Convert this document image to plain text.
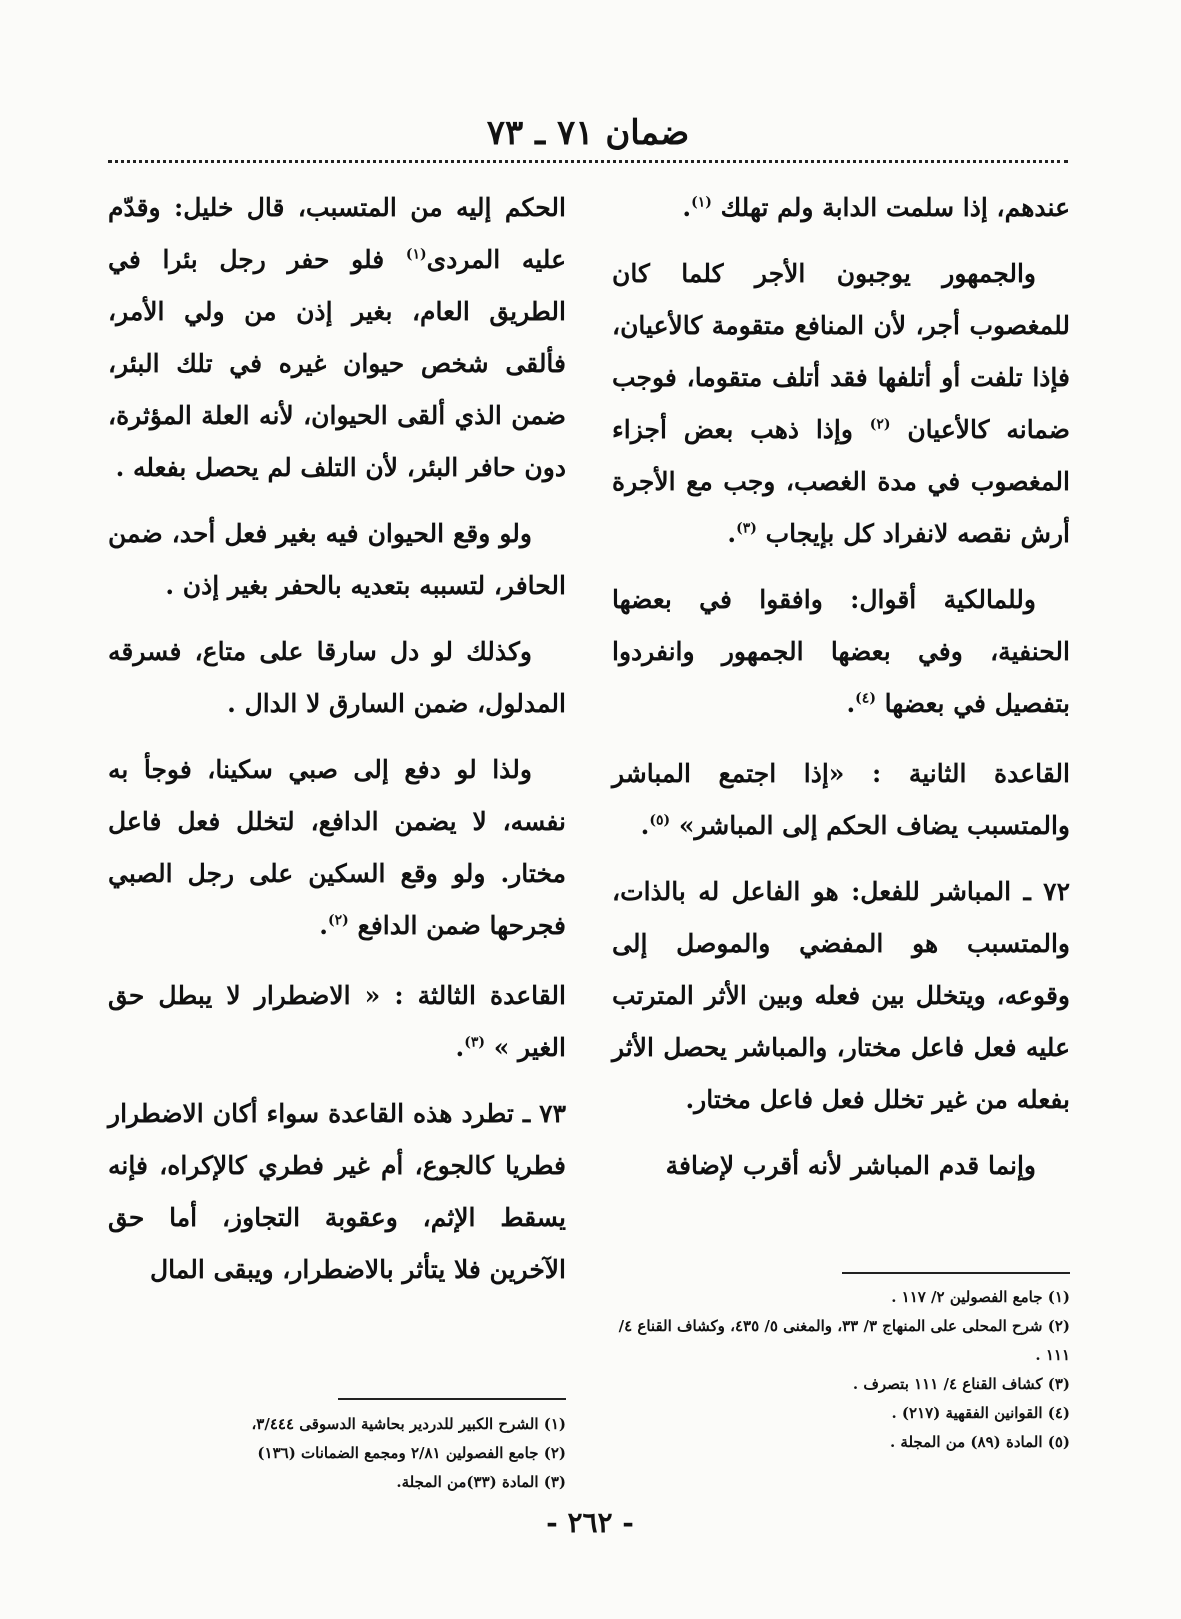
ضمان ٧١ ـ ٧٣

عندهم، إذا سلمت الدابة ولم تهلك $^{(١)}$.

والجمهور يوجبون الأجر كلما كان للمغصوب أجر، لأن المنافع متقومة كالأعيان، فإذا تلفت أو أتلفها فقد أتلف متقوما، فوجب ضمانه كالأعيان $^{(٢)}$ وإذا ذهب بعض أجزاء المغصوب في مدة الغصب، وجب مع الأجرة أرش نقصه لانفراد كل بإيجاب $^{(٣)}$.

وللمالكية أقوال: وافقوا في بعضها الحنفية، وفي بعضها الجمهور وانفردوا بتفصيل في بعضها $^{(٤)}$.

القاعدة الثانية : «إذا اجتمع المباشر والمتسبب يضاف الحكم إلى المباشر» $^{(٥)}$.

٧٢ ـ المباشر للفعل: هو الفاعل له بالذات، والمتسبب هو المفضي والموصل إلى وقوعه، ويتخلل بين فعله وبين الأثر المترتب عليه فعل فاعل مختار، والمباشر يحصل الأثر بفعله من غير تخلل فعل فاعل مختار.

وإنما قدم المباشر لأنه أقرب لإضافة

الحكم إليه من المتسبب، قال خليل: وقدّم عليه المردى$^{(١)}$ فلو حفر رجل بئرا في الطريق العام، بغير إذن من ولي الأمر، فألقى شخص حيوان غيره في تلك البئر، ضمن الذي ألقى الحيوان، لأنه العلة المؤثرة، دون حافر البئر، لأن التلف لم يحصل بفعله .

ولو وقع الحيوان فيه بغير فعل أحد، ضمن الحافر، لتسببه بتعديه بالحفر بغير إذن .

وكذلك لو دل سارقا على متاع، فسرقه المدلول، ضمن السارق لا الدال .

ولذا لو دفع إلى صبي سكينا، فوجأ به نفسه، لا يضمن الدافع، لتخلل فعل فاعل مختار. ولو وقع السكين على رجل الصبي فجرحها ضمن الدافع $^{(٢)}$.

القاعدة الثالثة : « الاضطرار لا يبطل حق الغير » $^{(٣)}$.

٧٣ ـ تطرد هذه القاعدة سواء أكان الاضطرار فطريا كالجوع، أم غير فطري كالإكراه، فإنه يسقط الإثم، وعقوبة التجاوز، أما حق الآخرين فلا يتأثر بالاضطرار، ويبقى المال

(١) جامع الفصولين ٢/ ١١٧ .
(٢) شرح المحلى على المنهاج ٣/ ٣٣، والمغنى ٥/ ٤٣٥، وكشاف القناع ٤/ ١١١ .
(٣) كشاف القناع ٤/ ١١١ بتصرف .
(٤) القوانين الفقهية (٢١٧) .
(٥) المادة (٨٩) من المجلة .
(١) الشرح الكبير للدردير بحاشية الدسوقى ٣/٤٤٤،
(٢) جامع الفصولين ٢/٨١ ومجمع الضمانات (١٣٦)
(٣) المادة (٣٣)من المجلة.
- ٢٦٢ -
